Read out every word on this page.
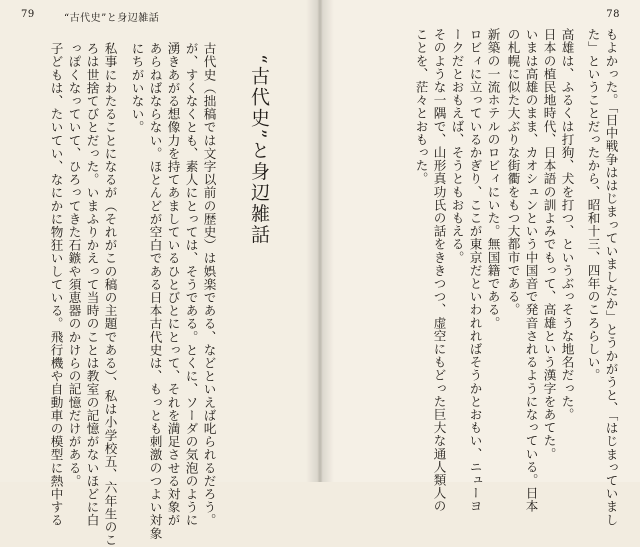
79	“古代史”と身辺雑話
“古代史”と身辺雑話
古代史（拙稿では文字以前の歴史）は娯楽である、などといえば叱られるだろう。
が、すくなくとも、素人にとっては、そうである。とくに、ソーダの気泡のように
湧きあがる想像力を持てあましているひとびとにとって、それを満足させる対象が
あらねばならない。ほとんどが空白である日本古代史は、もっとも刺激のつよい対象
にちがいない。
私事にわたることになるが（それがこの稿の主題である）、私は小学校五、六年生のこ
ろは世捨てびとだった。いまふりかえって当時のことは教室の記憶がないほどに白
っぽくなっていて、ひろってきた石鏃や須恵器のかけらの記憶だけがある。
子どもは、たいてい、なにかに物狂いしている。飛行機や自動車の模型に熱中する
78
もよかった。「日中戦争ははじまっていましたか」とうかがうと、「はじまっていまし
た」ということだったから、昭和十三、四年のころらしい。
高雄は、ふるくは打狗、犬を打つ、というぶっそうな地名だった。
日本の植民地時代、日本語の訓よみでもって、高雄という漢字をあてた。
いまは高雄のまま、カオシュンという中国音で発音されるようになっている。日本
の札幌に似た大ぶりな街衢をもつ大都市である。
新築の一流ホテルのロビィにいた。無国籍である。
ロビィに立っているかぎり、ここが東京だといわれればそうかとおもい、ニューヨ
ークだとおもえば、そうともおもえる。
そのような一隅で、山形真功氏の話をききつつ、虚空にもどった巨大な通人類人の
ことを、茫々とおもった。
